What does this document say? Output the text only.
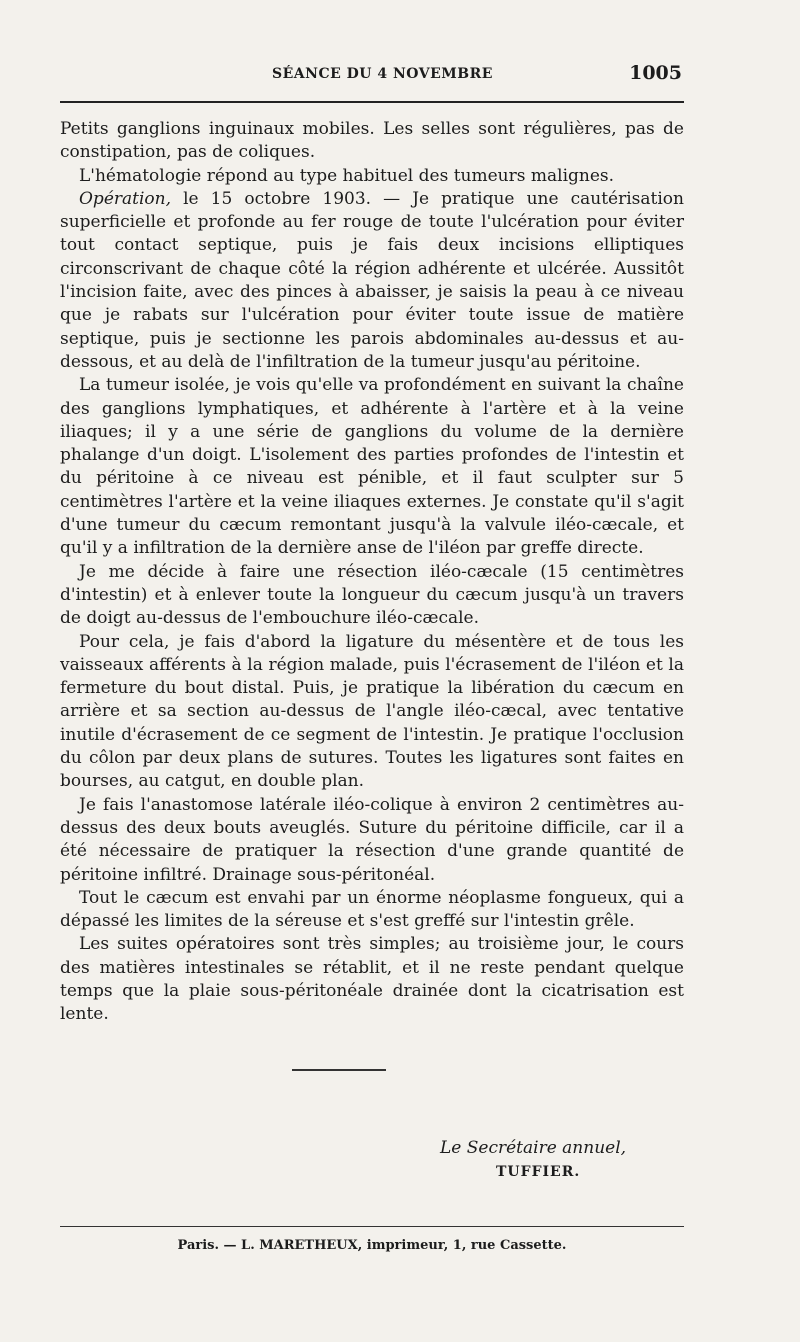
SÉANCE DU 4 NOVEMBRE	1005

Petits ganglions inguinaux mobiles. Les selles sont régulières, pas de constipation, pas de coliques.

L'hématologie répond au type habituel des tumeurs malignes.

Opération, le 15 octobre 1903. — Je pratique une cautérisation superficielle et profonde au fer rouge de toute l'ulcération pour éviter tout contact septique, puis je fais deux incisions elliptiques circonscrivant de chaque côté la région adhérente et ulcérée. Aussitôt l'incision faite, avec des pinces à abaisser, je saisis la peau à ce niveau que je rabats sur l'ulcération pour éviter toute issue de matière septique, puis je sectionne les parois abdominales au-dessus et au-dessous, et au delà de l'infiltration de la tumeur jusqu'au péritoine.

La tumeur isolée, je vois qu'elle va profondément en suivant la chaîne des ganglions lymphatiques, et adhérente à l'artère et à la veine iliaques; il y a une série de ganglions du volume de la dernière phalange d'un doigt. L'isolement des parties profondes de l'intestin et du péritoine à ce niveau est pénible, et il faut sculpter sur 5 centimètres l'artère et la veine iliaques externes. Je constate qu'il s'agit d'une tumeur du cæcum remontant jusqu'à la valvule iléo-cæcale, et qu'il y a infiltration de la dernière anse de l'iléon par greffe directe.

Je me décide à faire une résection iléo-cæcale (15 centimètres d'intestin) et à enlever toute la longueur du cæcum jusqu'à un travers de doigt au-dessus de l'embouchure iléo-cæcale.

Pour cela, je fais d'abord la ligature du mésentère et de tous les vaisseaux afférents à la région malade, puis l'écrasement de l'iléon et la fermeture du bout distal. Puis, je pratique la libération du cæcum en arrière et sa section au-dessus de l'angle iléo-cæcal, avec tentative inutile d'écrasement de ce segment de l'intestin. Je pratique l'occlusion du côlon par deux plans de sutures. Toutes les ligatures sont faites en bourses, au catgut, en double plan.

Je fais l'anastomose latérale iléo-colique à environ 2 centimètres au-dessus des deux bouts aveuglés. Suture du péritoine difficile, car il a été nécessaire de pratiquer la résection d'une grande quantité de péritoine infiltré. Drainage sous-péritonéal.

Tout le cæcum est envahi par un énorme néoplasme fongueux, qui a dépassé les limites de la séreuse et s'est greffé sur l'intestin grêle.

Les suites opératoires sont très simples; au troisième jour, le cours des matières intestinales se rétablit, et il ne reste pendant quelque temps que la plaie sous-péritonéale drainée dont la cicatrisation est lente.

Le Secrétaire annuel,
TUFFIER.
Paris. — L. MARETHEUX, imprimeur, 1, rue Cassette.
